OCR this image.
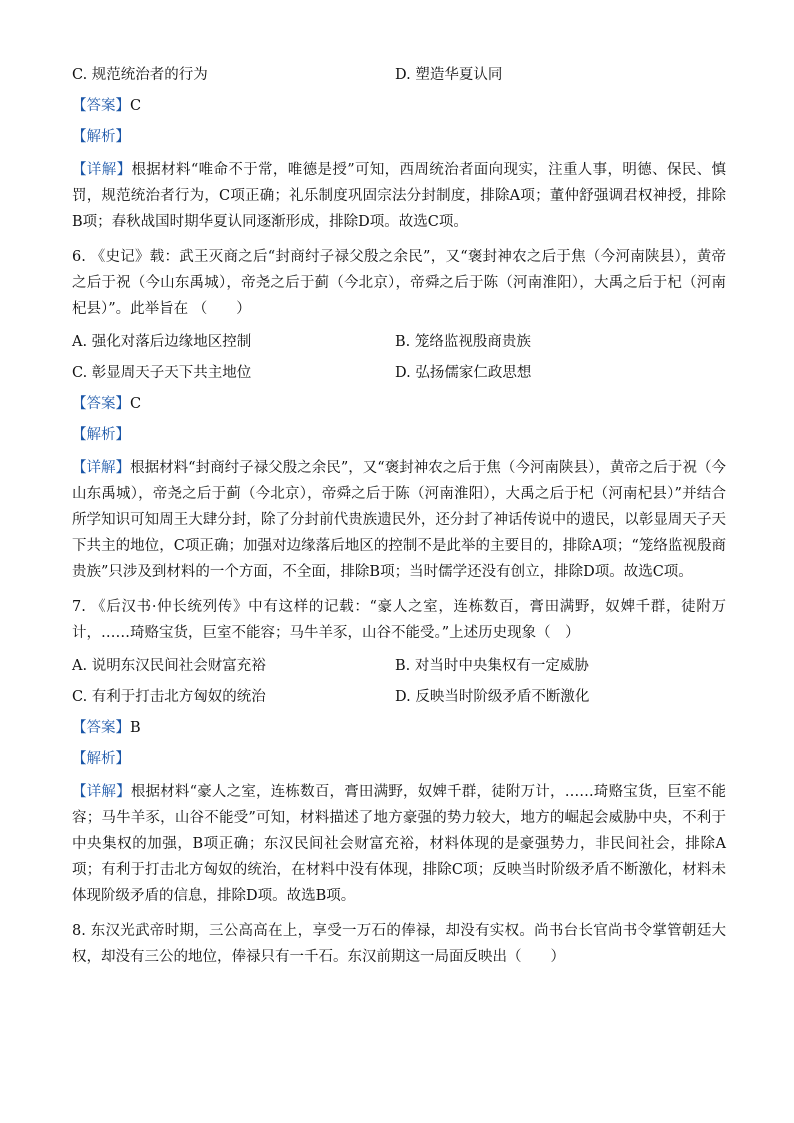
C. 规范统治者的行为	D. 塑造华夏认同
【答案】C
【解析】

【详解】根据材料“唯命不于常，唯德是授”可知，西周统治者面向现实，注重人事，明德、保民、慎罚，规范统治者行为，C项正确；礼乐制度巩固宗法分封制度，排除A项；董仲舒强调君权神授，排除B项；春秋战国时期华夏认同逐渐形成，排除D项。故选C项。

6. 《史记》载：武王灭商之后“封商纣子禄父殷之余民”，又“褒封神农之后于焦（今河南陕县），黄帝之后于祝（今山东禹城），帝尧之后于蓟（今北京），帝舜之后于陈（河南淮阳），大禹之后于杞（河南杞县）”。此举旨在 （　　）

A. 强化对落后边缘地区控制	B. 笼络监视殷商贵族
C. 彰显周天子天下共主地位	D. 弘扬儒家仁政思想
【答案】C
【解析】

【详解】根据材料“封商纣子禄父殷之余民”，又“褒封神农之后于焦（今河南陕县），黄帝之后于祝（今山东禹城），帝尧之后于蓟（今北京），帝舜之后于陈（河南淮阳），大禹之后于杞（河南杞县）”并结合所学知识可知周王大肆分封，除了分封前代贵族遗民外，还分封了神话传说中的遗民，以彰显周天子天下共主的地位，C项正确；加强对边缘落后地区的控制不是此举的主要目的，排除A项；“笼络监视殷商贵族”只涉及到材料的一个方面，不全面，排除B项；当时儒学还没有创立，排除D项。故选C项。

7. 《后汉书·仲长统列传》中有这样的记载：“豪人之室，连栋数百，膏田满野，奴婢千群，徒附万计，……琦赂宝货，巨室不能容；马牛羊豕，山谷不能受。”上述历史现象（　）

A. 说明东汉民间社会财富充裕	B. 对当时中央集权有一定威胁
C. 有利于打击北方匈奴的统治	D. 反映当时阶级矛盾不断激化
【答案】B
【解析】

【详解】根据材料“豪人之室，连栋数百，膏田满野，奴婢千群，徒附万计，……琦赂宝货，巨室不能容；马牛羊豕，山谷不能受”可知，材料描述了地方豪强的势力较大，地方的崛起会威胁中央，不利于中央集权的加强，B项正确；东汉民间社会财富充裕，材料体现的是豪强势力，非民间社会，排除A项；有利于打击北方匈奴的统治，在材料中没有体现，排除C项；反映当时阶级矛盾不断激化，材料未体现阶级矛盾的信息，排除D项。故选B项。

8. 东汉光武帝时期，三公高高在上，享受一万石的俸禄，却没有实权。尚书台长官尚书令掌管朝廷大权，却没有三公的地位，俸禄只有一千石。东汉前期这一局面反映出（　　）
